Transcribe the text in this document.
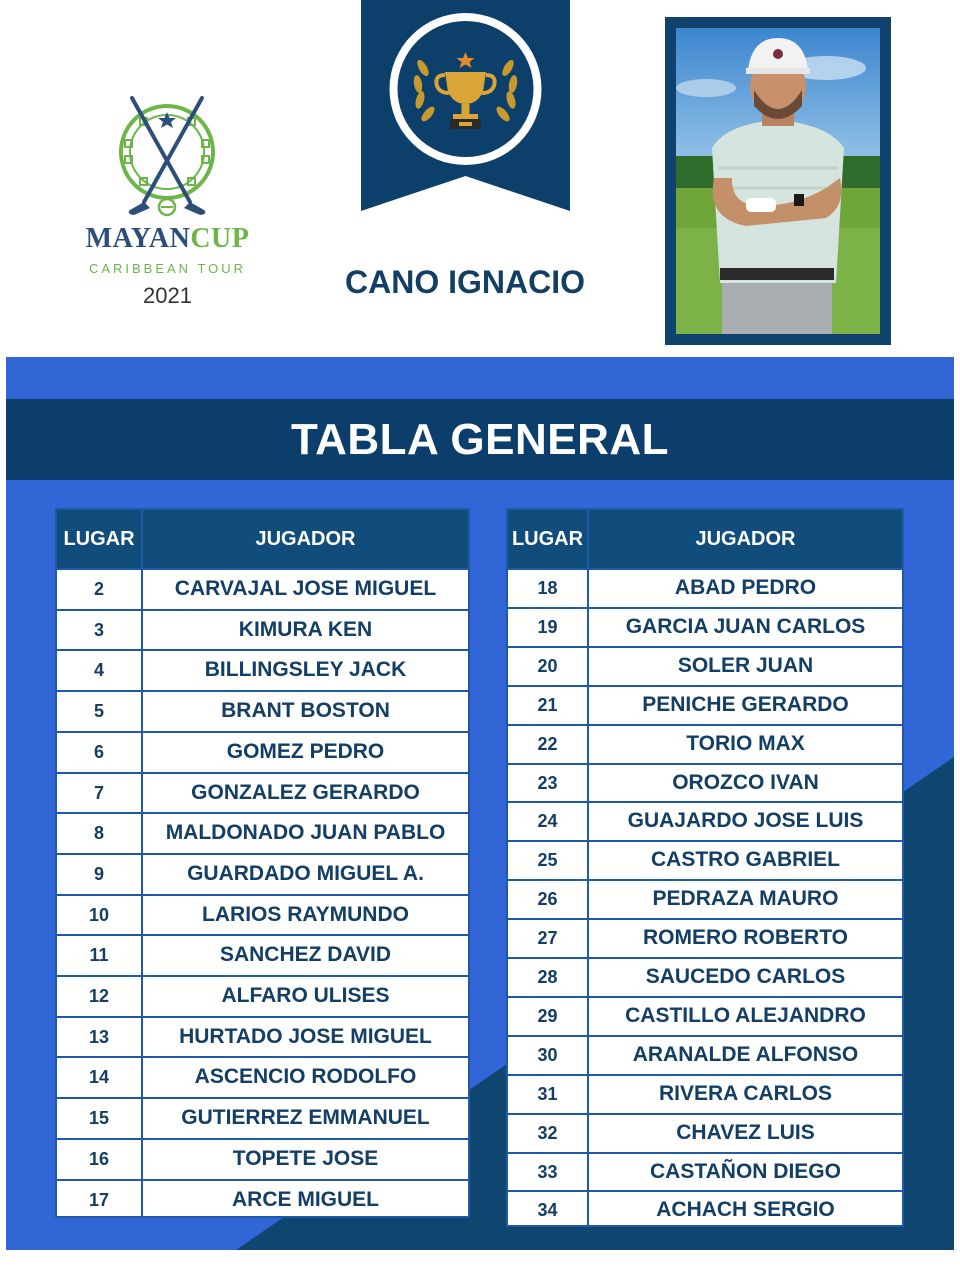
MAYANCUP
CARIBBEAN TOUR
2021	CANO IGNACIO
TABLA GENERAL
LUGAR	JUGADOR
2	CARVAJAL JOSE MIGUEL
3	KIMURA KEN
4	BILLINGSLEY JACK
5	BRANT BOSTON
6	GOMEZ PEDRO
7	GONZALEZ GERARDO
8	MALDONADO JUAN PABLO
9	GUARDADO MIGUEL A.
10	LARIOS RAYMUNDO
11	SANCHEZ DAVID
12	ALFARO ULISES
13	HURTADO JOSE MIGUEL
14	ASCENCIO RODOLFO
15	GUTIERREZ EMMANUEL
16	TOPETE JOSE
17	ARCE MIGUEL
LUGAR	JUGADOR
18	ABAD PEDRO
19	GARCIA JUAN CARLOS
20	SOLER JUAN
21	PENICHE GERARDO
22	TORIO MAX
23	OROZCO IVAN
24	GUAJARDO JOSE LUIS
25	CASTRO GABRIEL
26	PEDRAZA MAURO
27	ROMERO ROBERTO
28	SAUCEDO CARLOS
29	CASTILLO ALEJANDRO
30	ARANALDE ALFONSO
31	RIVERA CARLOS
32	CHAVEZ LUIS
33	CASTAÑON DIEGO
34	ACHACH SERGIO
